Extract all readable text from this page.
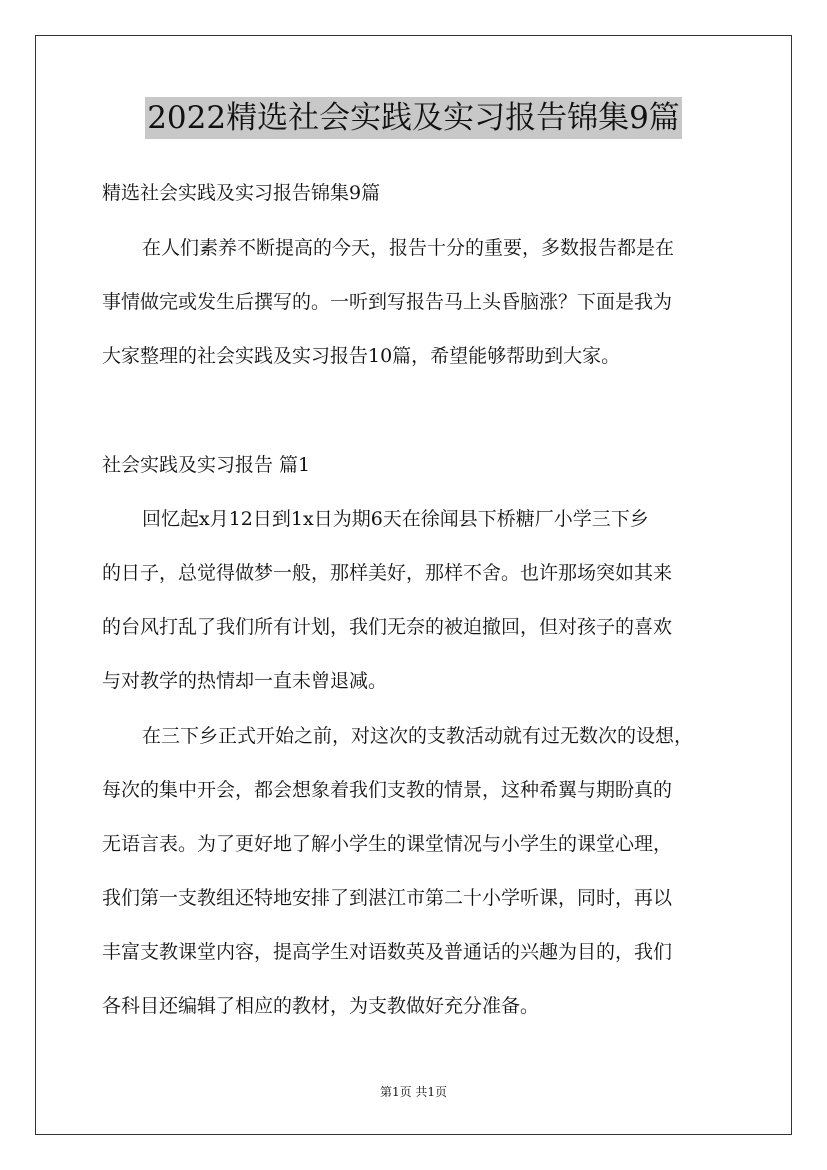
2022精选社会实践及实习报告锦集9篇
精选社会实践及实习报告锦集9篇
在人们素养不断提高的今天，报告十分的重要，多数报告都是在
事情做完或发生后撰写的。一听到写报告马上头昏脑涨？下面是我为
大家整理的社会实践及实习报告10篇，希望能够帮助到大家。
社会实践及实习报告 篇1
回忆起x月12日到1x日为期6天在徐闻县下桥糖厂小学三下乡
的日子，总觉得做梦一般，那样美好，那样不舍。也许那场突如其来
的台风打乱了我们所有计划，我们无奈的被迫撤回，但对孩子的喜欢
与对教学的热情却一直未曾退减。
在三下乡正式开始之前，对这次的支教活动就有过无数次的设想，
每次的集中开会，都会想象着我们支教的情景，这种希翼与期盼真的
无语言表。为了更好地了解小学生的课堂情况与小学生的课堂心理，
我们第一支教组还特地安排了到湛江市第二十小学听课，同时，再以
丰富支教课堂内容，提高学生对语数英及普通话的兴趣为目的，我们
各科目还编辑了相应的教材，为支教做好充分准备。
第1页 共1页
